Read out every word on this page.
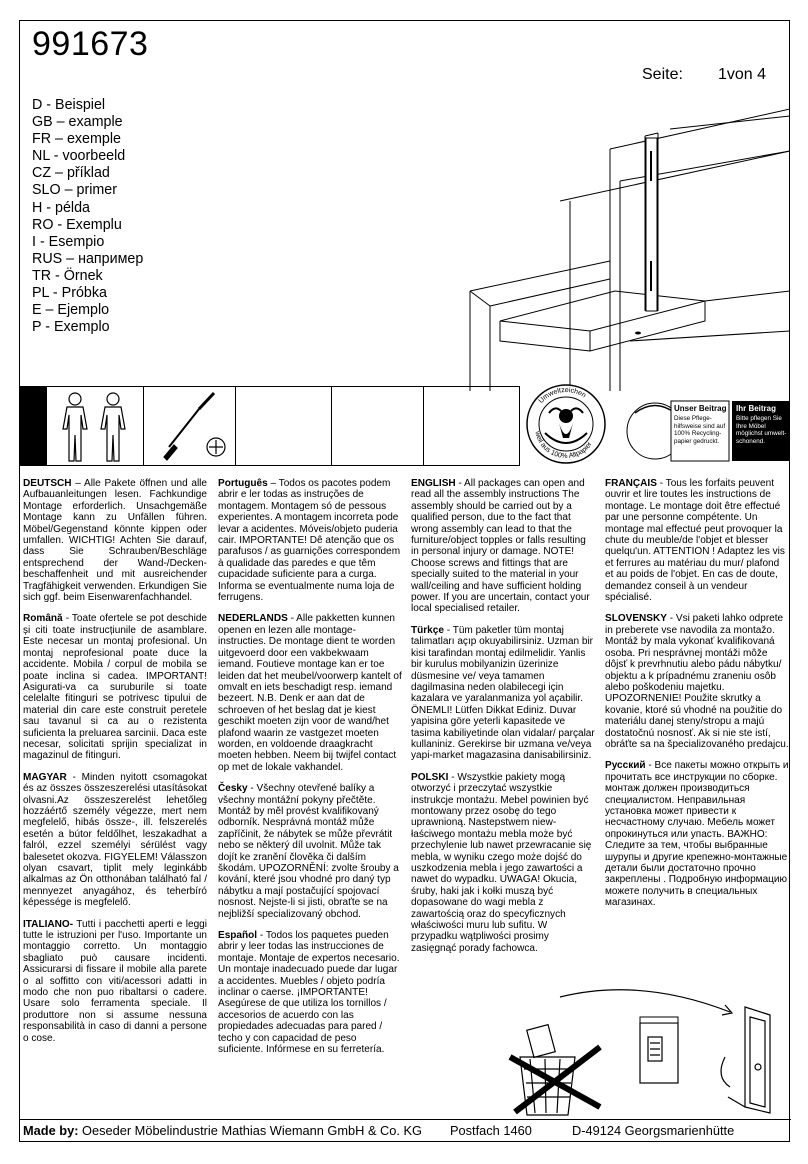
991673
Seite: 1von 4
D - Beispiel
GB – example
FR – exemple
NL - voorbeeld
CZ – příklad
SLO – primer
H - példa
RO - Exemplu
I - Esempio
RUS – например
TR - Örnek
PL - Próbka
E – Ejemplo
P - Exemplo
Umweltzeichen
weil aus 100% Altpapier
Unser Beitrag
Diese Pflege-hilfsweise sind auf 100% Recycling-papier gedruckt.
Ihr Beitrag
Bitte pflegen Sie Ihre Möbel möglichst umwelt-schonend.

DEUTSCH – Alle Pakete öffnen und alle Aufbauanleitungen lesen. Fachkundige Montage erforderlich. Unsachgemäße Montage kann zu Unfällen führen. Möbel/Gegenstand könnte kippen oder umfallen. WICHTIG! Achten Sie darauf, dass Sie Schrauben/Beschläge entsprechend der Wand-/Decken-beschaffenheit und mit ausreichender Tragfähigkeit verwenden. Erkundigen Sie sich ggf. beim Eisenwarenfachhandel.

Română - Toate ofertele se pot deschide și citi toate instrucțiunile de asamblare. Este necesar un montaj profesional. Un montaj neprofesional poate duce la accidente. Mobila / corpul de mobila se poate inclina si cadea. IMPORTANT! Asigurati-va ca suruburile si toate celelalte fitinguri se potrivesc tipului de material din care este construit peretele sau tavanul si ca au o rezistenta suficienta la preluarea sarcinii. Daca este necesar, solicitati sprijin specializat in magazinul de fitinguri.

MAGYAR - Minden nyitott csomagokat és az összes összeszerelési utasításokat olvasni.Az összeszerelést lehetőleg hozzáértő személy végezze, mert nem megfelelő, hibás össze-, ill. felszerelés esetén a bútor feldőlhet, leszakadhat a falról, ezzel személyi sérülést vagy balesetet okozva. FIGYELEM! Válasszon olyan csavart, tiplit mely leginkább alkalmas az Ön otthonában található fal / mennyezet anyagához, és teherbíró képessége is megfelelő.

ITALIANO- Tutti i pacchetti aperti e leggi tutte le istruzioni per l'uso. Importante un montaggio corretto. Un montaggio sbagliato può causare incidenti. Assicurarsi di fissare il mobile alla parete o al soffitto con viti/acessori adatti in modo che non puo ribaltarsi o cadere. Usare solo ferramenta speciale. Il produttore non si assume nessuna responsabilità in caso di danni a persone o cose.

Português – Todos os pacotes podem abrir e ler todas as instruções de montagem. Montagem só de pessous experientes. A montagem incorreta pode levar a acidentes. Móveis/objeto puderia cair. IMPORTANTE! Dê atenção que os parafusos / as guarnições correspondem à qualidade das paredes e que têm cupacidade suficiente para a curga. Informa se eventualmente numa loja de ferrugens.

NEDERLANDS - Alle pakketten kunnen openen en lezen alle montage-instructies. De montage dient te worden uitgevoerd door een vakbekwaam iemand. Foutieve montage kan er toe leiden dat het meubel/voorwerp kantelt of omvalt en iets beschadigt resp. iemand bezeert. N.B. Denk er aan dat de schroeven of het beslag dat je kiest geschikt moeten zijn voor de wand/het plafond waarin ze vastgezet moeten worden, en voldoende draagkracht moeten hebben. Neem bij twijfel contact op met de lokale vakhandel.

Česky - Všechny otevřené balíky a všechny montážní pokyny přečtěte. Montáž by měl provést kvalifikovaný odborník. Nesprávná montáž může zapříčinit, že nábytek se může převrátit nebo se některý díl uvolnit. Může tak dojít ke zranění člověka či dalším škodám. UPOZORNĚNÍ: zvolte šrouby a kování, které jsou vhodné pro daný typ nábytku a mají postačující spojovací nosnost. Nejste-li si jisti, obraťte se na nejbližší specializovaný obchod.

Español - Todos los paquetes pueden abrir y leer todas las instrucciones de montaje. Montaje de expertos necesario. Un montaje inadecuado puede dar lugar a accidentes. Muebles / objeto podría inclinar o caerse. ¡IMPORTANTE! Asegúrese de que utiliza los tornillos / accesorios de acuerdo con las propiedades adecuadas para pared / techo y con capacidad de peso suficiente. Infórmese en su ferretería.

ENGLISH - All packages can open and read all the assembly instructions The assembly should be carried out by a qualified person, due to the fact that wrong assembly can lead to that the furniture/object topples or falls resulting in personal injury or damage. NOTE! Choose screws and fittings that are specially suited to the material in your wall/ceiling and have sufficient holding power. If you are uncertain, contact your local specialised retailer.

Türkçe - Tüm paketler tüm montaj talimatları açıp okuyabilirsiniz. Uzman bir kisi tarafindan montaj edilmelidir. Yanlis bir kurulus mobilyanizin üzerinize düsmesine ve/ veya tamamen dagilmasina neden olabilecegi için kazalara ve yaralanmaniza yol açabilir. ÖNEMLI! Lütfen Dikkat Ediniz. Duvar yapisina göre yeterli kapasitede ve tasima kabiliyetinde olan vidalar/ parçalar kullaniniz. Gerekirse bir uzmana ve/veya yapi-market magazasina danisabilirsiniz.

POLSKI - Wszystkie pakiety mogą otworzyć i przeczytać wszystkie instrukcje montażu. Mebel powinien być montowany przez osobę do tego uprawnioną. Nastepstwem niew-łaściwego montażu mebla może być przechylenie lub nawet przewracanie się mebla, w wyniku czego może dojść do uszkodzenia mebla i jego zawartości a nawet do wypadku. UWAGA! Okucia, śruby, haki jak i kołki muszą być dopasowane do wagi mebla z zawartością oraz do specyficznych właściwości muru lub sufitu. W przypadku wątpliwości prosimy zasięgnąć porady fachowca.

FRANÇAIS - Tous les forfaits peuvent ouvrir et lire toutes les instructions de montage. Le montage doit être effectué par une personne compétente. Un montage mal effectué peut provoquer la chute du meuble/de l'objet et blesser quelqu'un. ATTENTION ! Adaptez les vis et ferrures au matériau du mur/ plafond et au poids de l'objet. En cas de doute, demandez conseil à un vendeur spécialisé.

SLOVENSKY - Vsi paketi lahko odprete in preberete vse navodila za montažo. Montáž by mala vykonať kvalifikovaná osoba. Pri nesprávnej montáži môže dôjsť k prevrhnutiu alebo pádu nábytku/ objektu a k prípadnému zraneniu osôb alebo poškodeniu majetku. UPOZORNENIE! Použite skrutky a kovanie, ktoré sú vhodné na použitie do materiálu danej steny/stropu a majú dostatočnú nosnosť. Ak si nie ste istí, obráťte sa na špecializovaného predajcu.

Русский - Все пакеты можно открыть и прочитать все инструкции по сборке. монтаж должен производиться специалистом. Неправильная установка может привести к несчастному случаю. Мебель может опрокинуться или упасть. ВАЖНО: Следите за тем, чтобы выбранные шурупы и другие крепежно-монтажные детали были достаточно прочно закреплены . Подробную информацию можете получить в специальных магазинах.

Made by: Oeseder Möbelindustrie Mathias Wiemann GmbH & Co. KG Postfach 1460	D-49124 Georgsmarienhütte
